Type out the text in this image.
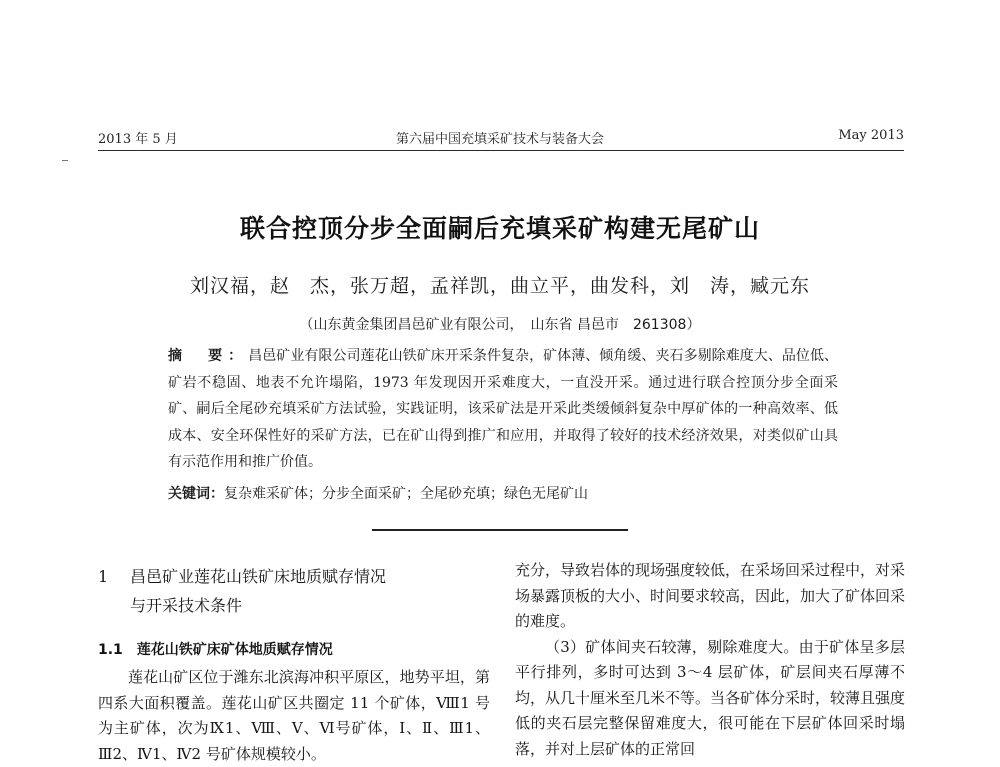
2013 年 5 月	第六届中国充填采矿技术与装备大会	May 2013
联合控顶分步全面嗣后充填采矿构建无尾矿山
刘汉福，赵　杰，张万超，孟祥凯，曲立平，曲发科，刘　涛，臧元东
（山东黄金集团昌邑矿业有限公司，　山东省 昌邑市　261308）
摘　要：昌邑矿业有限公司莲花山铁矿床开采条件复杂，矿体薄、倾角缓、夹石多剔除难度大、品位低、矿岩不稳固、地表不允许塌陷，1973 年发现因开采难度大，一直没开采。通过进行联合控顶分步全面采矿、嗣后全尾砂充填采矿方法试验，实践证明，该采矿法是开采此类缓倾斜复杂中厚矿体的一种高效率、低成本、安全环保性好的采矿方法，已在矿山得到推广和应用，并取得了较好的技术经济效果，对类似矿山具有示范作用和推广价值。
关键词：复杂难采矿体；分步全面采矿；全尾砂充填；绿色无尾矿山
1 昌邑矿业莲花山铁矿床地质赋存情况
与开采技术条件
1.1　莲花山铁矿床矿体地质赋存情况

莲花山矿区位于潍东北滨海冲积平原区，地势平坦，第四系大面积覆盖。莲花山矿区共圈定 11 个矿体，Ⅷ1 号为主矿体，次为Ⅸ1、Ⅷ、Ⅴ、Ⅵ号矿体，Ⅰ、Ⅱ、Ⅲ1、Ⅲ2、Ⅳ1、Ⅳ2 号矿体规模较小。

充分，导致岩体的现场强度较低，在采场回采过程中，对采场暴露顶板的大小、时间要求较高，因此，加大了矿体回采的难度。

（3）矿体间夹石较薄，剔除难度大。由于矿体呈多层平行排列，多时可达到 3～4 层矿体，矿层间夹石厚薄不均，从几十厘米至几米不等。当各矿体分采时，较薄且强度低的夹石层完整保留难度大，很可能在下层矿体回采时塌落，并对上层矿体的正常回
